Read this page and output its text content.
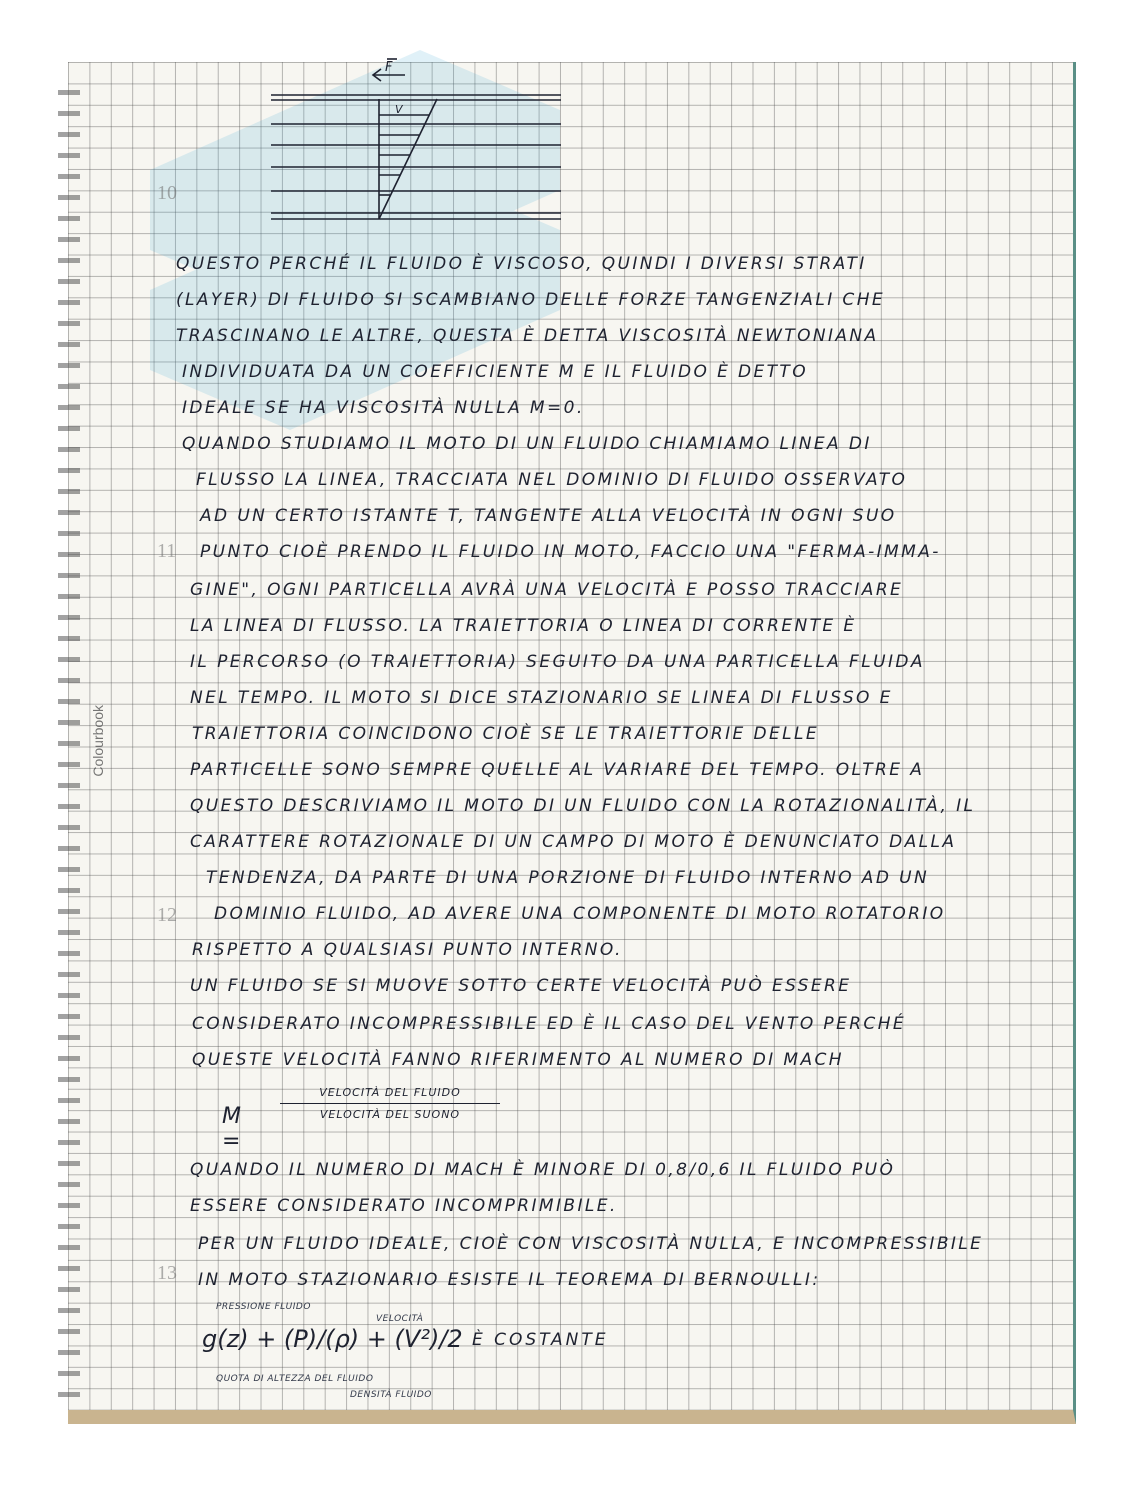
Colourbook
10
11
12
13
F
V

QUESTO PERCHÉ IL FLUIDO È VISCOSO, QUINDI I DIVERSI STRATI

(LAYER) DI FLUIDO SI SCAMBIANO DELLE FORZE TANGENZIALI CHE

TRASCINANO LE ALTRE, QUESTA È DETTA VISCOSITÀ NEWTONIANA

INDIVIDUATA DA UN COEFFICIENTE Μ E IL FLUIDO È DETTO

IDEALE SE HA VISCOSITÀ NULLA Μ=0.

QUANDO STUDIAMO IL MOTO DI UN FLUIDO CHIAMIAMO LINEA DI

FLUSSO LA LINEA, TRACCIATA NEL DOMINIO DI FLUIDO OSSERVATO

AD UN CERTO ISTANTE T, TANGENTE ALLA VELOCITÀ IN OGNI SUO

PUNTO CIOÈ PRENDO IL FLUIDO IN MOTO, FACCIO UNA "FERMA-IMMA-

GINE", OGNI PARTICELLA AVRÀ UNA VELOCITÀ E POSSO TRACCIARE

LA LINEA DI FLUSSO. LA TRAIETTORIA O LINEA DI CORRENTE È

IL PERCORSO (O TRAIETTORIA) SEGUITO DA UNA PARTICELLA FLUIDA

NEL TEMPO. IL MOTO SI DICE STAZIONARIO SE LINEA DI FLUSSO E

TRAIETTORIA COINCIDONO CIOÈ SE LE TRAIETTORIE DELLE

PARTICELLE SONO SEMPRE QUELLE AL VARIARE DEL TEMPO. OLTRE A

QUESTO DESCRIVIAMO IL MOTO DI UN FLUIDO CON LA ROTAZIONALITÀ, IL

CARATTERE ROTAZIONALE DI UN CAMPO DI MOTO È DENUNCIATO DALLA

TENDENZA, DA PARTE DI UNA PORZIONE DI FLUIDO INTERNO AD UN

DOMINIO FLUIDO, AD AVERE UNA COMPONENTE DI MOTO ROTATORIO

RISPETTO A QUALSIASI PUNTO INTERNO.

UN FLUIDO SE SI MUOVE SOTTO CERTE VELOCITÀ PUÒ ESSERE

CONSIDERATO INCOMPRESSIBILE ED È IL CASO DEL VENTO PERCHÉ

QUESTE VELOCITÀ FANNO RIFERIMENTO AL NUMERO DI MACH

QUANDO IL NUMERO DI MACH È MINORE DI 0,8/0,6 IL FLUIDO PUÒ

ESSERE CONSIDERATO INCOMPRIMIBILE.

PER UN FLUIDO IDEALE, CIOÈ CON VISCOSITÀ NULLA, E INCOMPRESSIBILE

IN MOTO STAZIONARIO ESISTE IL TEOREMA DI BERNOULLI:

M =
VELOCITÀ DEL FLUIDO
VELOCITÀ DEL SUONO
g(z) + (P)/(ρ) + (V²)/2 È COSTANTE
PRESSIONE FLUIDO
VELOCITÀ
QUOTA DI ALTEZZA DEL FLUIDO
DENSITÀ FLUIDO
